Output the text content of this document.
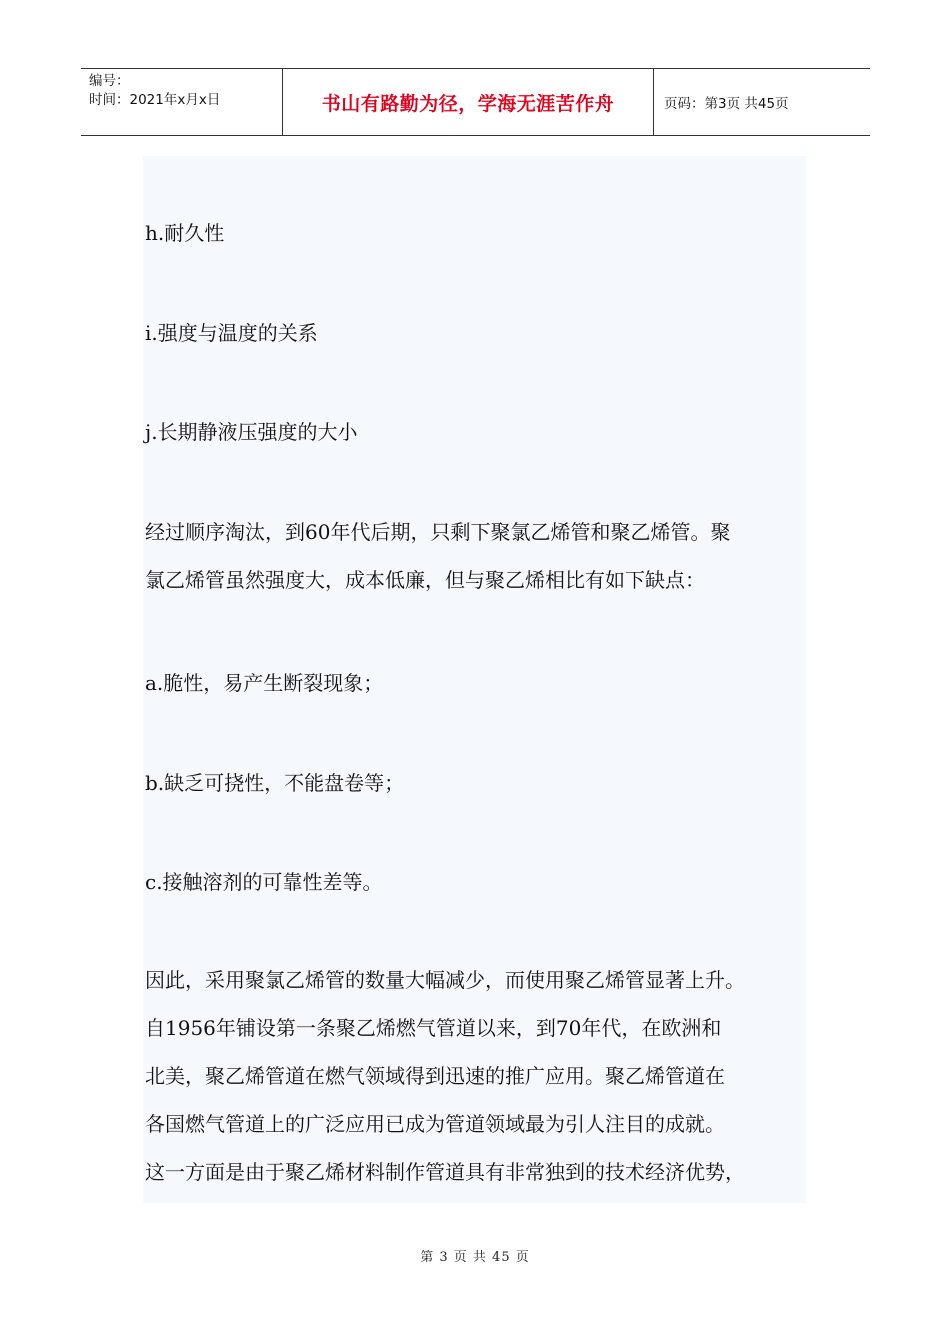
编号：
时间：2021年x月x日	书山有路勤为径，学海无涯苦作舟	页码：第3页 共45页
h.耐久性
i.强度与温度的关系
j.长期静液压强度的大小
经过顺序淘汰，到60年代后期，只剩下聚氯乙烯管和聚乙烯管。聚
氯乙烯管虽然强度大，成本低廉，但与聚乙烯相比有如下缺点：
a.脆性，易产生断裂现象；
b.缺乏可挠性，不能盘卷等；
c.接触溶剂的可靠性差等。
因此，采用聚氯乙烯管的数量大幅减少，而使用聚乙烯管显著上升。
自1956年铺设第一条聚乙烯燃气管道以来，到70年代，在欧洲和
北美，聚乙烯管道在燃气领域得到迅速的推广应用。聚乙烯管道在
各国燃气管道上的广泛应用已成为管道领域最为引人注目的成就。
这一方面是由于聚乙烯材料制作管道具有非常独到的技术经济优势，
第 3 页 共 45 页
